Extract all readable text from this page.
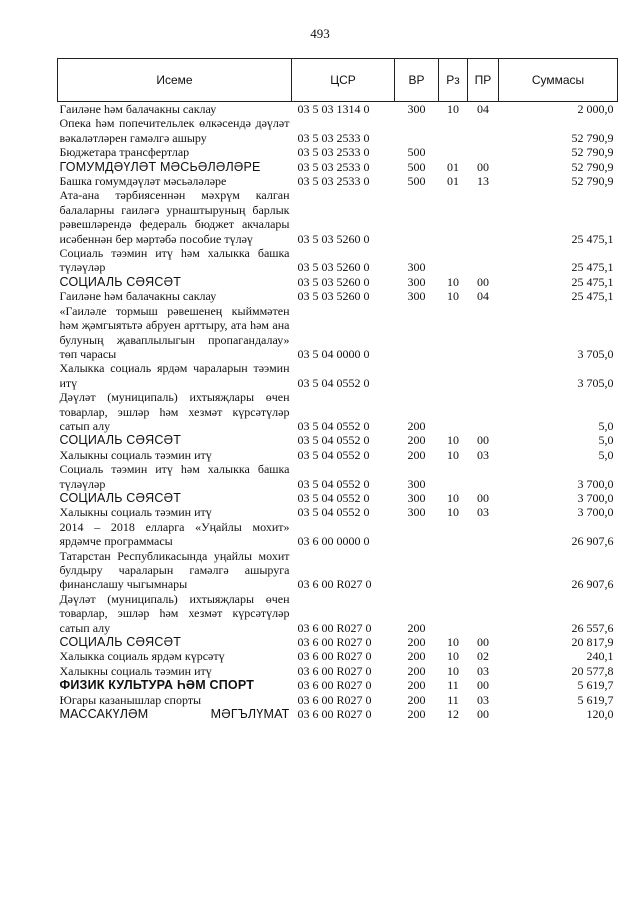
493
Исеме	ЦСР	ВР	Рз	ПР	Суммасы
Гаиләне һәм балачакны саклау	03 5 03 1314 0	300	10	04	2 000,0
Опека һәм попечительлек өлкәсендә дәүләт вәкаләтләрен гамәлгә ашыру	03 5 03 2533 0				52 790,9
Бюджетара трансфертлар	03 5 03 2533 0	500			52 790,9
ГОМУМДӘҮЛӘТ МӘСЬӘЛӘЛӘРЕ	03 5 03 2533 0	500	01	00	52 790,9
Башка гомумдәүләт мәсьәләләре	03 5 03 2533 0	500	01	13	52 790,9
Ата-ана тәрбиясеннән мәхрүм калган балаларны гаиләгә урнаштыруның барлык рәвешләрендә федераль бюджет акчалары исәбеннән бер мәртәбә пособие түләү	03 5 03 5260 0				25 475,1
Социаль тәэмин итү һәм халыкка башка түләүләр	03 5 03 5260 0	300			25 475,1
СОЦИАЛЬ СӘЯСӘТ	03 5 03 5260 0	300	10	00	25 475,1
Гаиләне һәм балачакны саклау	03 5 03 5260 0	300	10	04	25 475,1
«Гаиләле тормыш рәвешенең кыйммәтен һәм җәмгыятьтә абруен арттыру, ата һәм ана булуның җаваплылыгын пропагандалау» төп чарасы	03 5 04 0000 0				3 705,0
Халыкка социаль ярдәм чараларын тәэмин итү	03 5 04 0552 0				3 705,0
Дәүләт (муниципаль) ихтыяҗлары өчен товарлар, эшләр һәм хезмәт күрсәтүләр сатып алу	03 5 04 0552 0	200			5,0
СОЦИАЛЬ СӘЯСӘТ	03 5 04 0552 0	200	10	00	5,0
Халыкны социаль тәэмин итү	03 5 04 0552 0	200	10	03	5,0
Социаль тәэмин итү һәм халыкка башка түләүләр	03 5 04 0552 0	300			3 700,0
СОЦИАЛЬ СӘЯСӘТ	03 5 04 0552 0	300	10	00	3 700,0
Халыкны социаль тәэмин итү	03 5 04 0552 0	300	10	03	3 700,0
2014 – 2018 елларга «Уңайлы мохит» ярдәмче программасы	03 6 00 0000 0				26 907,6
Татарстан Республикасында уңайлы мохит булдыру чараларын гамәлгә ашыруга финанслашу чыгымнары	03 6 00 R027 0				26 907,6
Дәүләт (муниципаль) ихтыяҗлары өчен товарлар, эшләр һәм хезмәт күрсәтүләр сатып алу	03 6 00 R027 0	200			26 557,6
СОЦИАЛЬ СӘЯСӘТ	03 6 00 R027 0	200	10	00	20 817,9
Халыкка социаль ярдәм күрсәтү	03 6 00 R027 0	200	10	02	240,1
Халыкны социаль тәэмин итү	03 6 00 R027 0	200	10	03	20 577,8
ФИЗИК КУЛЬТУРА ҺӘМ СПОРТ	03 6 00 R027 0	200	11	00	5 619,7
Югары казанышлар спорты	03 6 00 R027 0	200	11	03	5 619,7
МАССАКҮЛӘМ МӘГЪЛҮМАТ	03 6 00 R027 0	200	12	00	120,0
